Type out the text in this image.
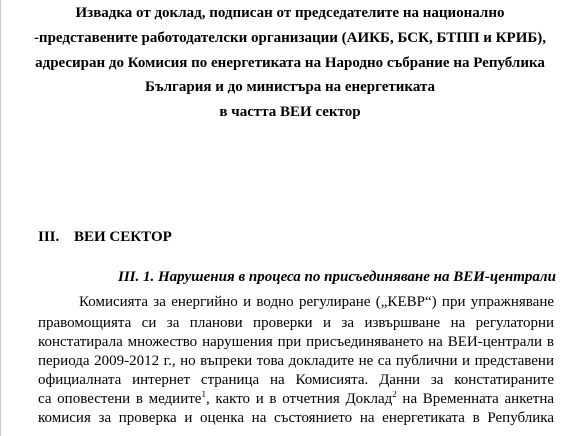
Извадка от доклад, подписан от председателите на национално
-представените работодателски организации (АИКБ, БСК, БТПП и КРИБ),
адресиран до Комисия по енергетиката на Народно събрание на Република
България и до министъра на енергетиката
в частта ВЕИ сектор
III. ВЕИ СЕКТОР
III. 1. Нарушения в процеса по присъединяване на ВЕИ-централи
Комисията за енергийно и водно регулиране („КЕВР“) при упражняване
правомощията си за планови проверки и за извършване на регулаторни
констатирала множество нарушения при присъединяването на ВЕИ-централи в
периода 2009-2012 г., но въпреки това докладите не са публични и представени
официалната интернет страница на Комисията. Данни за констатираните
са оповестени в медиите$^1$, както и в отчетния Доклад$^2$ на Временната анкетна
комисия за проверка и оценка на състоянието на енергетиката в Република
